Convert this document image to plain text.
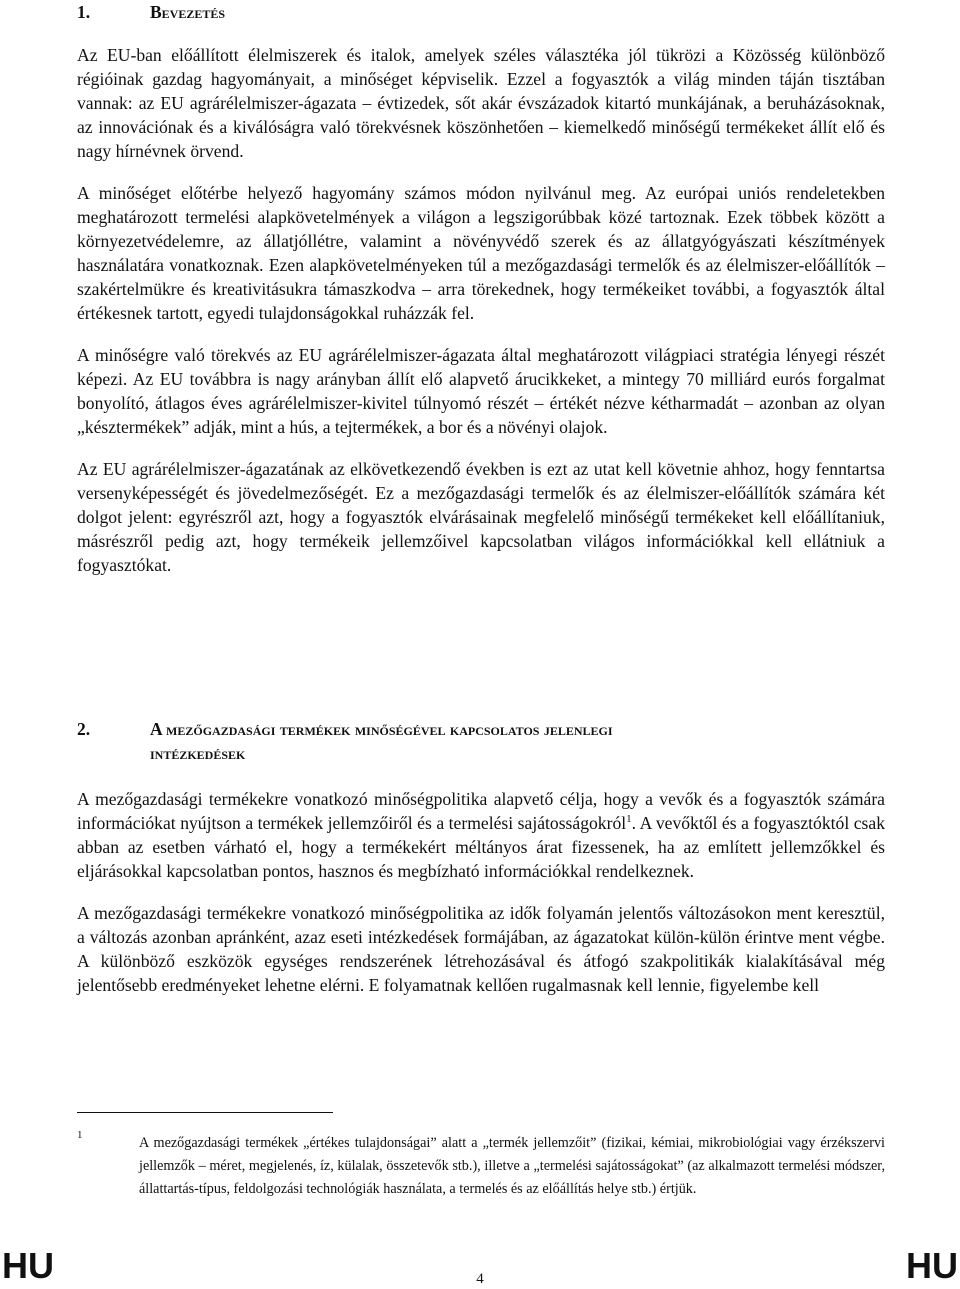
1.	Bevezetés

Az EU-ban előállított élelmiszerek és italok, amelyek széles választéka jól tükrözi a Közösség különböző régióinak gazdag hagyományait, a minőséget képviselik. Ezzel a fogyasztók a világ minden táján tisztában vannak: az EU agrárélelmiszer-ágazata – évtizedek, sőt akár évszázadok kitartó munkájának, a beruházásoknak, az innovációnak és a kiválóságra való törekvésnek köszönhetően – kiemelkedő minőségű termékeket állít elő és nagy hírnévnek örvend.

A minőséget előtérbe helyező hagyomány számos módon nyilvánul meg. Az európai uniós rendeletekben meghatározott termelési alapkövetelmények a világon a legszigorúbbak közé tartoznak. Ezek többek között a környezetvédelemre, az állatjóllétre, valamint a növényvédő szerek és az állatgyógyászati készítmények használatára vonatkoznak. Ezen alapkövetelményeken túl a mezőgazdasági termelők és az élelmiszer-előállítók – szakértelmükre és kreativitásukra támaszkodva – arra törekednek, hogy termékeiket további, a fogyasztók által értékesnek tartott, egyedi tulajdonságokkal ruházzák fel.

A minőségre való törekvés az EU agrárélelmiszer-ágazata által meghatározott világpiaci stratégia lényegi részét képezi. Az EU továbbra is nagy arányban állít elő alapvető árucikkeket, a mintegy 70 milliárd eurós forgalmat bonyolító, átlagos éves agrárélelmiszer-kivitel túlnyomó részét – értékét nézve kétharmadát – azonban az olyan „késztermékek” adják, mint a hús, a tejtermékek, a bor és a növényi olajok.

Az EU agrárélelmiszer-ágazatának az elkövetkezendő években is ezt az utat kell követnie ahhoz, hogy fenntartsa versenyképességét és jövedelmezőségét. Ez a mezőgazdasági termelők és az élelmiszer-előállítók számára két dolgot jelent: egyrészről azt, hogy a fogyasztók elvárásainak megfelelő minőségű termékeket kell előállítaniuk, másrészről pedig azt, hogy termékeik jellemzőivel kapcsolatban világos információkkal kell ellátniuk a fogyasztókat.

2.	A mezőgazdasági termékek minőségével kapcsolatos jelenlegi
intézkedések

A mezőgazdasági termékekre vonatkozó minőségpolitika alapvető célja, hogy a vevők és a fogyasztók számára információkat nyújtson a termékek jellemzőiről és a termelési sajátosságokról$^1$. A vevőktől és a fogyasztóktól csak abban az esetben várható el, hogy a termékekért méltányos árat fizessenek, ha az említett jellemzőkkel és eljárásokkal kapcsolatban pontos, hasznos és megbízható információkkal rendelkeznek.

A mezőgazdasági termékekre vonatkozó minőségpolitika az idők folyamán jelentős változásokon ment keresztül, a változás azonban apránként, azaz eseti intézkedések formájában, az ágazatokat külön-külön érintve ment végbe. A különböző eszközök egységes rendszerének létrehozásával és átfogó szakpolitikák kialakításával még jelentősebb eredményeket lehetne elérni. E folyamatnak kellően rugalmasnak kell lennie, figyelembe kell

1	A mezőgazdasági termékek „értékes tulajdonságai” alatt a „termék jellemzőit” (fizikai, kémiai, mikrobiológiai vagy érzékszervi jellemzők – méret, megjelenés, íz, külalak, összetevők stb.), illetve a „termelési sajátosságokat” (az alkalmazott termelési módszer, állattartás-típus, feldolgozási technológiák használata, a termelés és az előállítás helye stb.) értjük.
HU	4	HU
